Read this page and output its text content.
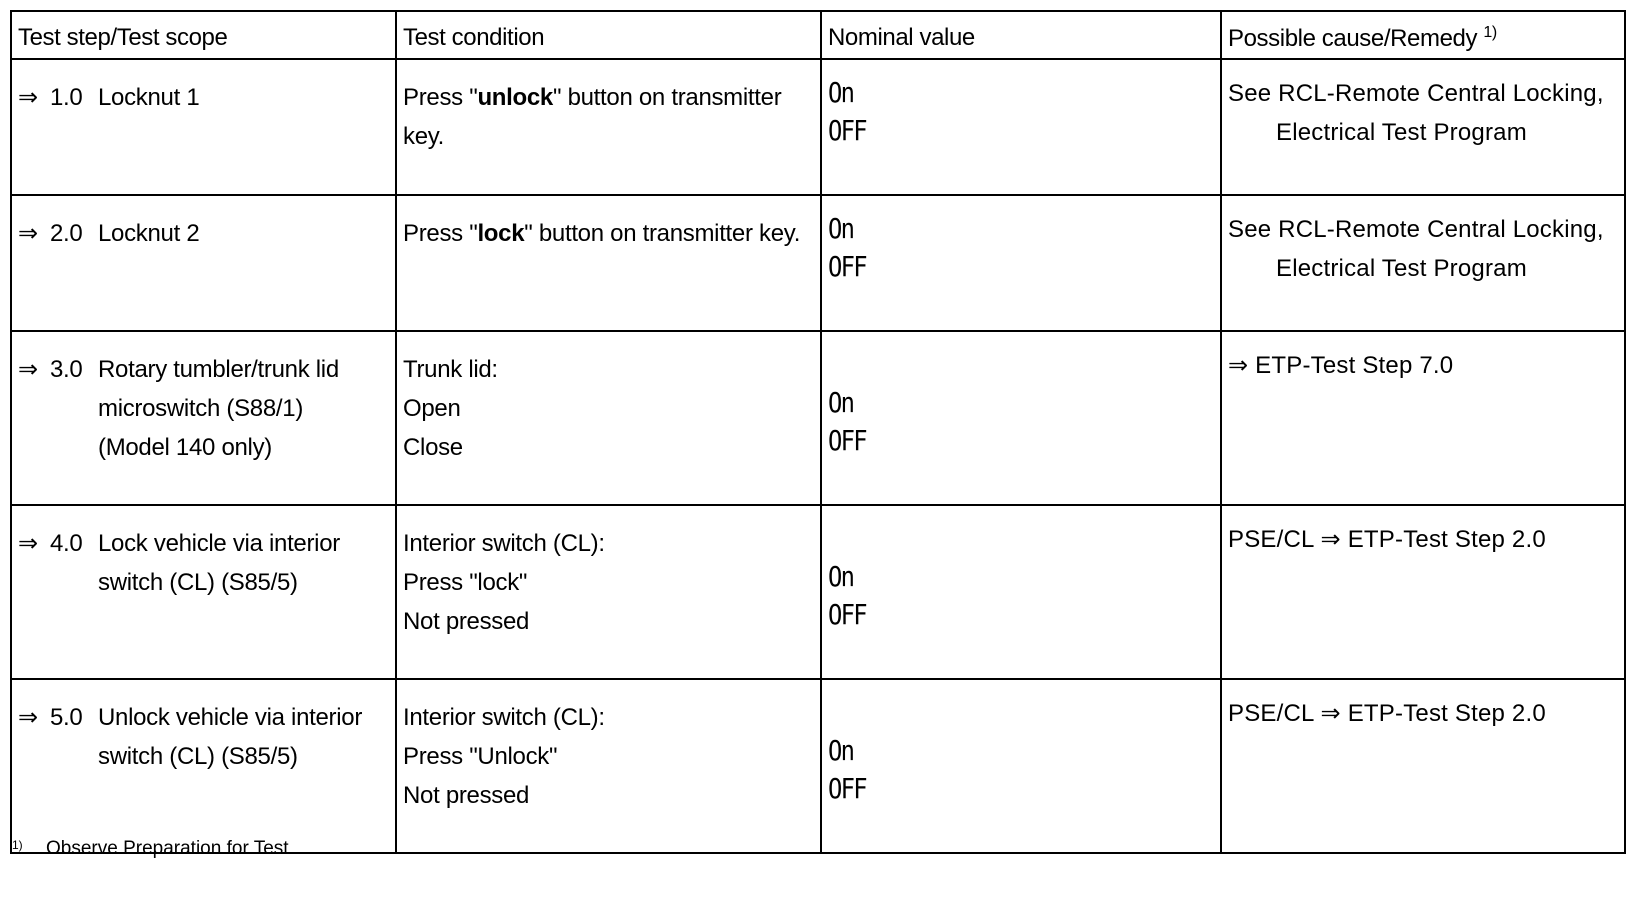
Test step/Test scope	Test condition	Nominal value	Possible cause/Remedy $^{1)}$

⇒ 1.0 Locknut 1	Press "unlock" button on transmitter
key.	On
OFF	See RCL-Remote Central Locking,
Electrical Test Program

⇒ 2.0 Locknut 2	Press "lock" button on transmitter key.	On
OFF	See RCL-Remote Central Locking,
Electrical Test Program

⇒ 3.0 Rotary tumbler/trunk lid
microswitch (S88/1)
(Model 140 only)	Trunk lid:
Open
Close	On
OFF	⇒ ETP-Test Step 7.0

⇒ 4.0 Lock vehicle via interior
switch (CL) (S85/5)	Interior switch (CL):
Press "lock"
Not pressed	On
OFF	PSE/CL ⇒ ETP-Test Step 2.0

⇒ 5.0 Unlock vehicle via interior
switch (CL) (S85/5)	Interior switch (CL):
Press "Unlock"
Not pressed	On
OFF	PSE/CL ⇒ ETP-Test Step 2.0
1)	Observe Preparation for Test
